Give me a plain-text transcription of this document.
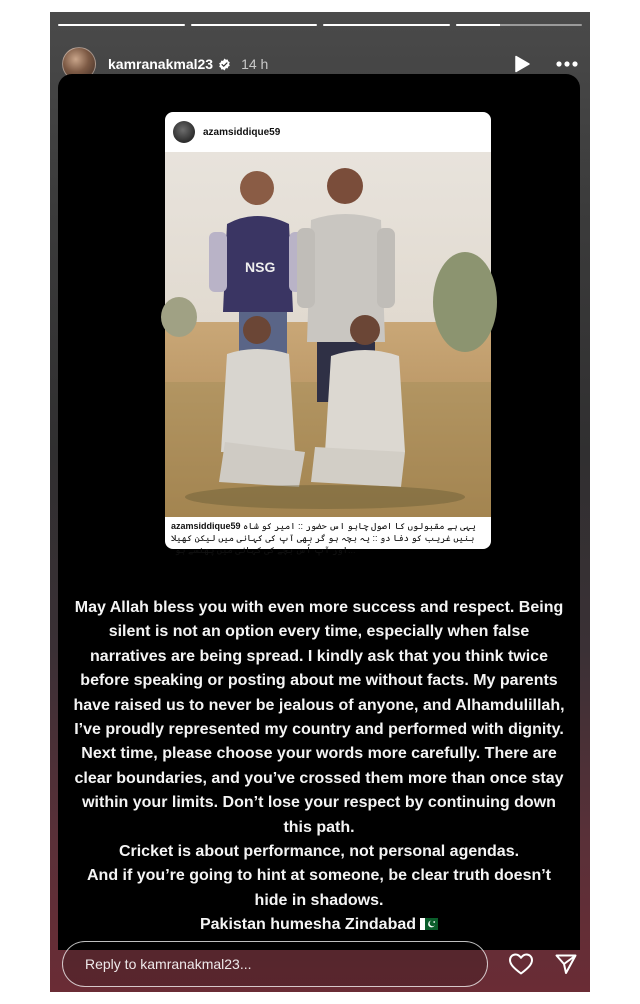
kamranakmal23 14 h
azamsiddique59
NSG
azamsiddique59 یہی ہے مقبولوں کا اصول چاہو اس حضور :: امیر کو شاہ بنیں غریب کو دفا دو :: یہ بچہ ہو گر بھی آپ کی کہانی میں لیکن کھیلا اور آپ اُس بچے کی کہانی میں پھنسے ہو...

May Allah bless you with even more success and respect. Being silent is not an option every time, especially when false narratives are being spread. I kindly ask that you think twice before speaking or posting about me without facts. My parents have raised us to never be jealous of anyone, and Alhamdulillah, I’ve proudly represented my country and performed with dignity. Next time, please choose your words more carefully. There are clear boundaries, and you’ve crossed them more than once stay within your limits. Don’t lose your respect by continuing down this path.

Cricket is about performance, not personal agendas.

And if you’re going to hint at someone, be clear truth doesn’t hide in shadows.

Pakistan humesha Zindabad

Reply to kamranakmal23...
